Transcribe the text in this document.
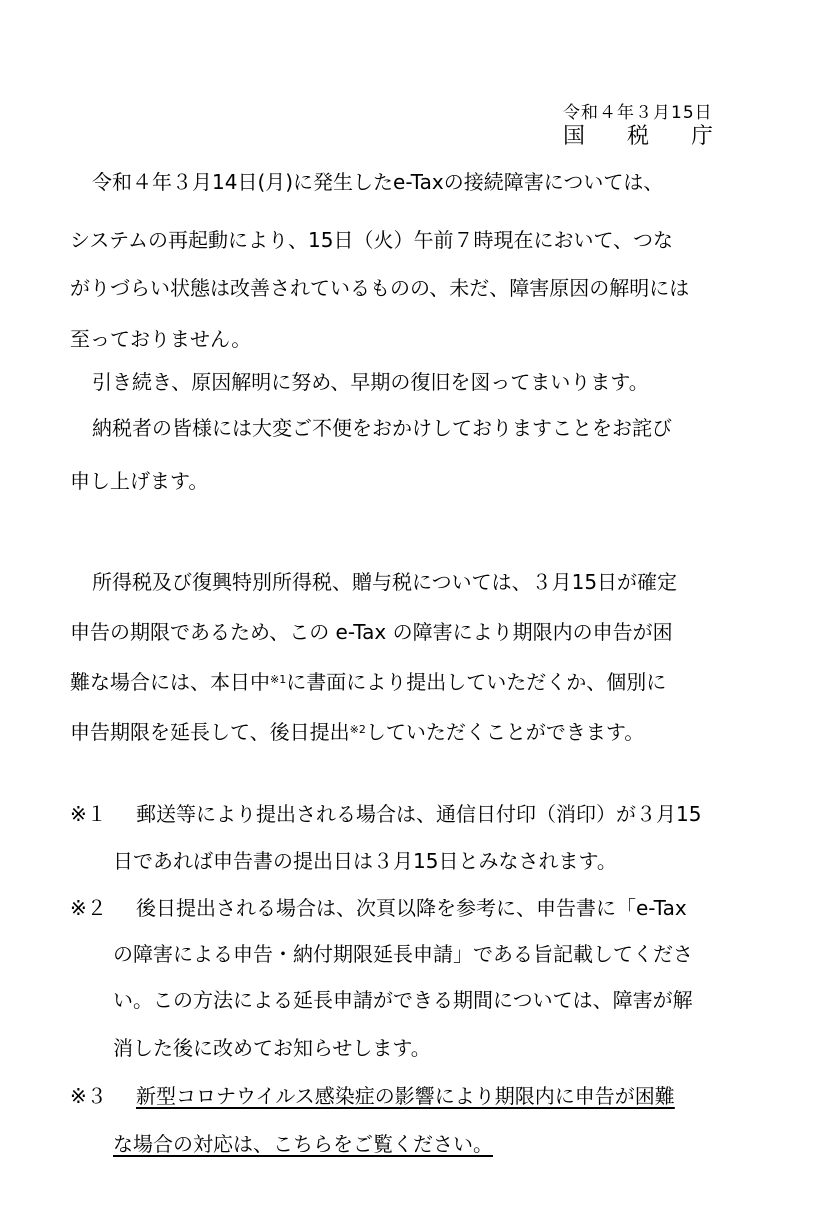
令和４年３月15日
国 税 庁
令和４年３月14日(月)に発生したe-Taxの接続障害については、
システムの再起動により、15日（火）午前７時現在において、つな
がりづらい状態は改善されているものの、未だ、障害原因の解明には
至っておりません。
引き続き、原因解明に努め、早期の復旧を図ってまいります。
納税者の皆様には大変ご不便をおかけしておりますことをお詫び
申し上げます。
所得税及び復興特別所得税、贈与税については、３月15日が確定
申告の期限であるため、この e-Tax の障害により期限内の申告が困
難な場合には、本日中$^{※1}$に書面により提出していただくか、個別に
申告期限を延長して、後日提出$^{※2}$していただくことができます。
※１ 郵送等により提出される場合は、通信日付印（消印）が３月15
日であれば申告書の提出日は３月15日とみなされます。
※２ 後日提出される場合は、次頁以降を参考に、申告書に「e-Tax
の障害による申告・納付期限延長申請」である旨記載してくださ
い。この方法による延長申請ができる期間については、障害が解
消した後に改めてお知らせします。
※３ 新型コロナウイルス感染症の影響により期限内に申告が困難
な場合の対応は、こちらをご覧ください。
